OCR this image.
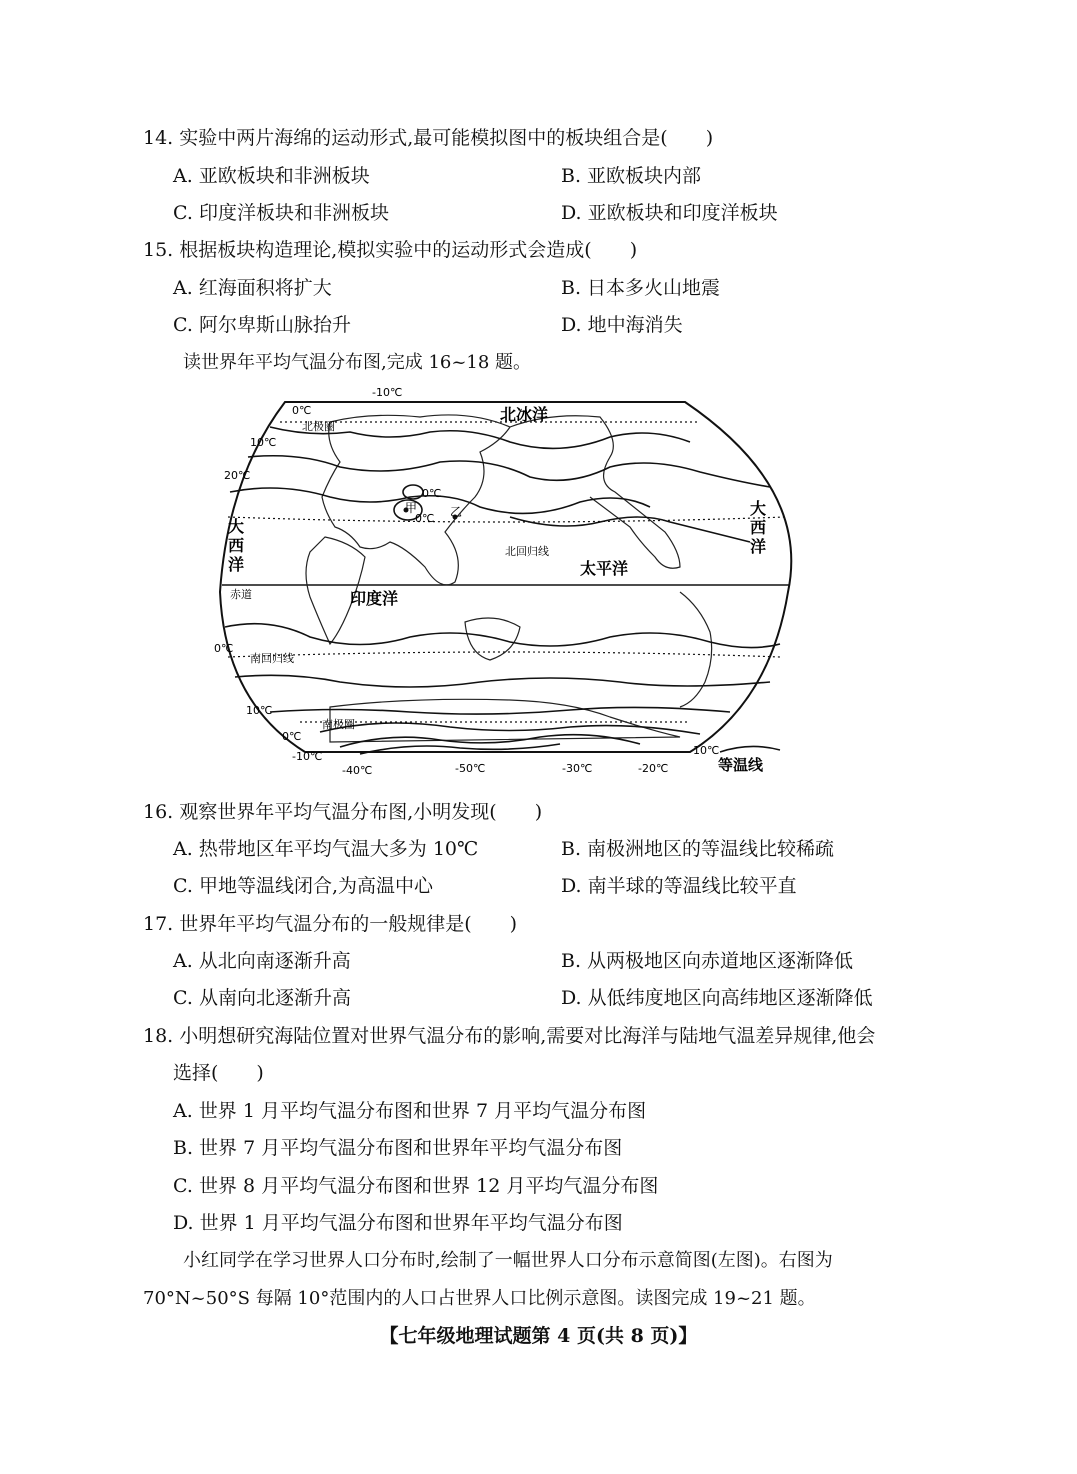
14. 实验中两片海绵的运动形式,最可能模拟图中的板块组合是(　　)
A. 亚欧板块和非洲板块	B. 亚欧板块内部
C. 印度洋板块和非洲板块	D. 亚欧板块和印度洋板块
15. 根据板块构造理论,模拟实验中的运动形式会造成(　　)
A. 红海面积将扩大	B. 日本多火山地震
C. 阿尔卑斯山脉抬升	D. 地中海消失
读世界年平均气温分布图,完成 16~18 题。
北冰洋
太平洋
印度洋
北极圈
南极圈
北回归线
南回归线
赤道
甲	乙
等温线
大西洋
大西洋
-10℃
0℃
10℃
20℃
0℃
0℃
0℃
10℃
0℃
-10℃
-40℃	-50℃	-30℃	-20℃
10℃
16. 观察世界年平均气温分布图,小明发现(　　)
A. 热带地区年平均气温大多为 10℃	B. 南极洲地区的等温线比较稀疏
C. 甲地等温线闭合,为高温中心	D. 南半球的等温线比较平直
17. 世界年平均气温分布的一般规律是(　　)
A. 从北向南逐渐升高	B. 从两极地区向赤道地区逐渐降低
C. 从南向北逐渐升高	D. 从低纬度地区向高纬地区逐渐降低
18. 小明想研究海陆位置对世界气温分布的影响,需要对比海洋与陆地气温差异规律,他会
选择(　　)
A. 世界 1 月平均气温分布图和世界 7 月平均气温分布图
B. 世界 7 月平均气温分布图和世界年平均气温分布图
C. 世界 8 月平均气温分布图和世界 12 月平均气温分布图
D. 世界 1 月平均气温分布图和世界年平均气温分布图
小红同学在学习世界人口分布时,绘制了一幅世界人口分布示意简图(左图)。右图为
70°N~50°S 每隔 10°范围内的人口占世界人口比例示意图。读图完成 19~21 题。
【七年级地理试题第 4 页(共 8 页)】
